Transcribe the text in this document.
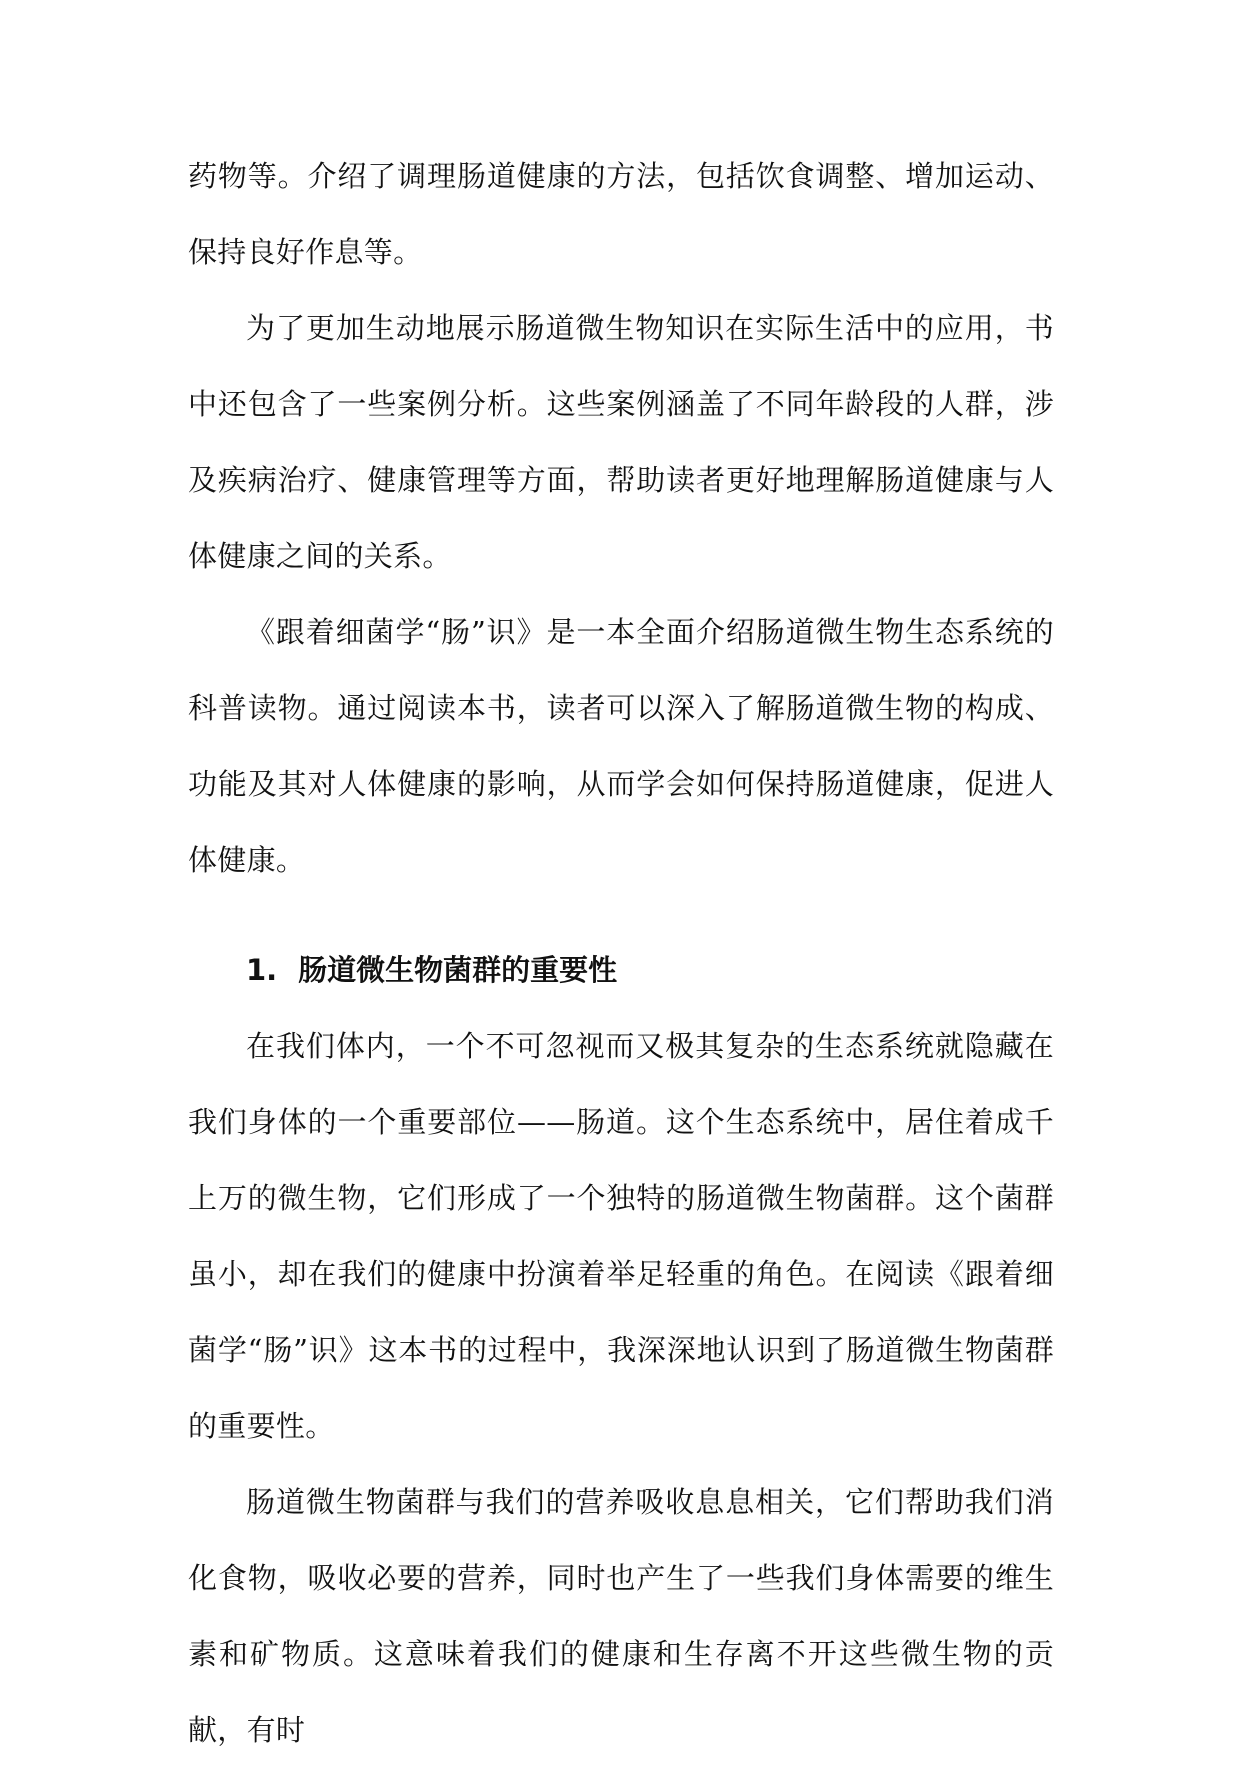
药物等。介绍了调理肠道健康的方法，包括饮食调整、增加运动、保持良好作息等。

为了更加生动地展示肠道微生物知识在实际生活中的应用，书中还包含了一些案例分析。这些案例涵盖了不同年龄段的人群，涉及疾病治疗、健康管理等方面，帮助读者更好地理解肠道健康与人体健康之间的关系。

《跟着细菌学“肠”识》是一本全面介绍肠道微生物生态系统的科普读物。通过阅读本书，读者可以深入了解肠道微生物的构成、功能及其对人体健康的影响，从而学会如何保持肠道健康，促进人体健康。

1. 肠道微生物菌群的重要性

在我们体内，一个不可忽视而又极其复杂的生态系统就隐藏在我们身体的一个重要部位——肠道。这个生态系统中，居住着成千上万的微生物，它们形成了一个独特的肠道微生物菌群。这个菌群虽小，却在我们的健康中扮演着举足轻重的角色。在阅读《跟着细菌学“肠”识》这本书的过程中，我深深地认识到了肠道微生物菌群的重要性。

肠道微生物菌群与我们的营养吸收息息相关，它们帮助我们消化食物，吸收必要的营养，同时也产生了一些我们身体需要的维生素和矿物质。这意味着我们的健康和生存离不开这些微生物的贡献，有时
